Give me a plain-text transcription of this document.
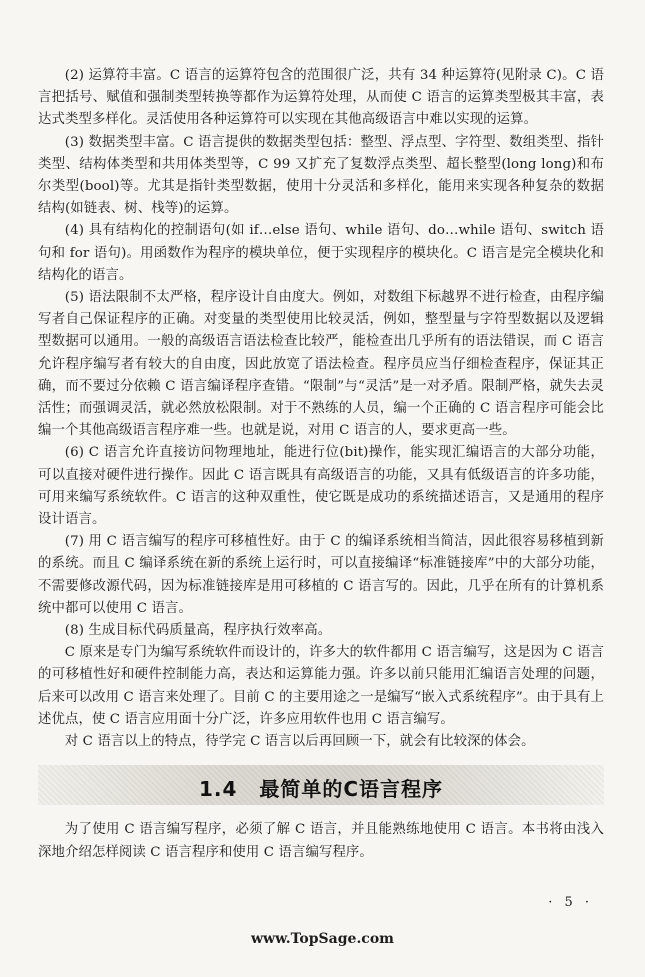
(2) 运算符丰富。C 语言的运算符包含的范围很广泛，共有 34 种运算符(见附录 C)。C 语言把括号、赋值和强制类型转换等都作为运算符处理，从而使 C 语言的运算类型极其丰富，表达式类型多样化。灵活使用各种运算符可以实现在其他高级语言中难以实现的运算。

(3) 数据类型丰富。C 语言提供的数据类型包括：整型、浮点型、字符型、数组类型、指针类型、结构体类型和共用体类型等，C 99 又扩充了复数浮点类型、超长整型(long long)和布尔类型(bool)等。尤其是指针类型数据，使用十分灵活和多样化，能用来实现各种复杂的数据结构(如链表、树、栈等)的运算。

(4) 具有结构化的控制语句(如 if…else 语句、while 语句、do…while 语句、switch 语句和 for 语句)。用函数作为程序的模块单位，便于实现程序的模块化。C 语言是完全模块化和结构化的语言。

(5) 语法限制不太严格，程序设计自由度大。例如，对数组下标越界不进行检查，由程序编写者自己保证程序的正确。对变量的类型使用比较灵活，例如，整型量与字符型数据以及逻辑型数据可以通用。一般的高级语言语法检查比较严，能检查出几乎所有的语法错误，而 C 语言允许程序编写者有较大的自由度，因此放宽了语法检查。程序员应当仔细检查程序，保证其正确，而不要过分依赖 C 语言编译程序查错。“限制”与“灵活”是一对矛盾。限制严格，就失去灵活性；而强调灵活，就必然放松限制。对于不熟练的人员，编一个正确的 C 语言程序可能会比编一个其他高级语言程序难一些。也就是说，对用 C 语言的人，要求更高一些。

(6) C 语言允许直接访问物理地址，能进行位(bit)操作，能实现汇编语言的大部分功能，可以直接对硬件进行操作。因此 C 语言既具有高级语言的功能，又具有低级语言的许多功能，可用来编写系统软件。C 语言的这种双重性，使它既是成功的系统描述语言，又是通用的程序设计语言。

(7) 用 C 语言编写的程序可移植性好。由于 C 的编译系统相当简洁，因此很容易移植到新的系统。而且 C 编译系统在新的系统上运行时，可以直接编译“标准链接库”中的大部分功能，不需要修改源代码，因为标准链接库是用可移植的 C 语言写的。因此，几乎在所有的计算机系统中都可以使用 C 语言。

(8) 生成目标代码质量高，程序执行效率高。

C 原来是专门为编写系统软件而设计的，许多大的软件都用 C 语言编写，这是因为 C 语言的可移植性好和硬件控制能力高，表达和运算能力强。许多以前只能用汇编语言处理的问题，后来可以改用 C 语言来处理了。目前 C 的主要用途之一是编写“嵌入式系统程序”。由于具有上述优点，使 C 语言应用面十分广泛，许多应用软件也用 C 语言编写。

对 C 语言以上的特点，待学完 C 语言以后再回顾一下，就会有比较深的体会。

1.4 最简单的C语言程序

为了使用 C 语言编写程序，必须了解 C 语言，并且能熟练地使用 C 语言。本书将由浅入深地介绍怎样阅读 C 语言程序和使用 C 语言编写程序。

· 5 ·
www.TopSage.com
